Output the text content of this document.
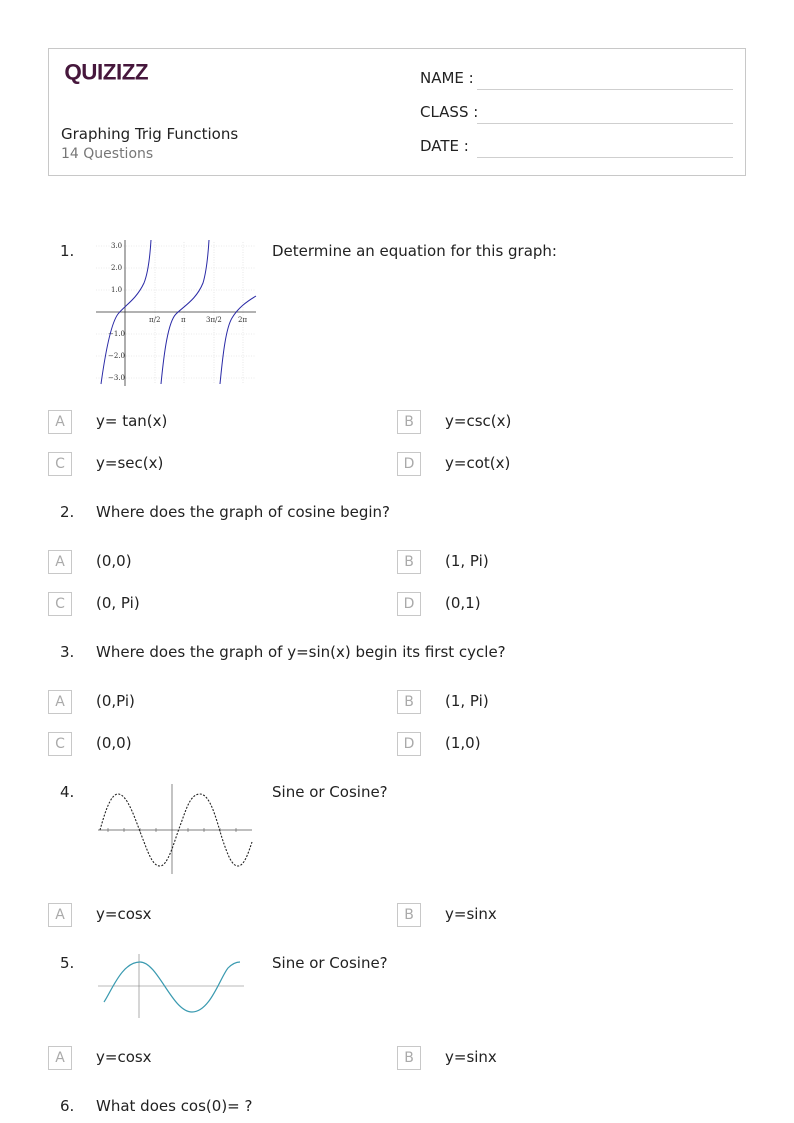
QUIZIZZ
Graphing Trig Functions
14 Questions
NAME :
CLASS :
DATE :
1.	3.0
2.0
1.0
−1.0
−2.0
−3.0
π/2	π	3π/2 2π
Determine an equation for this graph:
A	y= tan(x)	B	y=csc(x)
C	y=sec(x)	D	y=cot(x)
2. Where does the graph of cosine begin?
A	(0,0)	B	(1, Pi)
C	(0, Pi)	D	(0,1)
3. Where does the graph of y=sin(x) begin its first cycle?
A	(0,Pi)	B	(1, Pi)
C	(0,0)	D	(1,0)
4.	Sine or Cosine?
A	y=cosx	B	y=sinx
5.	Sine or Cosine?
A	y=cosx	B	y=sinx
6. What does cos(0)= ?
